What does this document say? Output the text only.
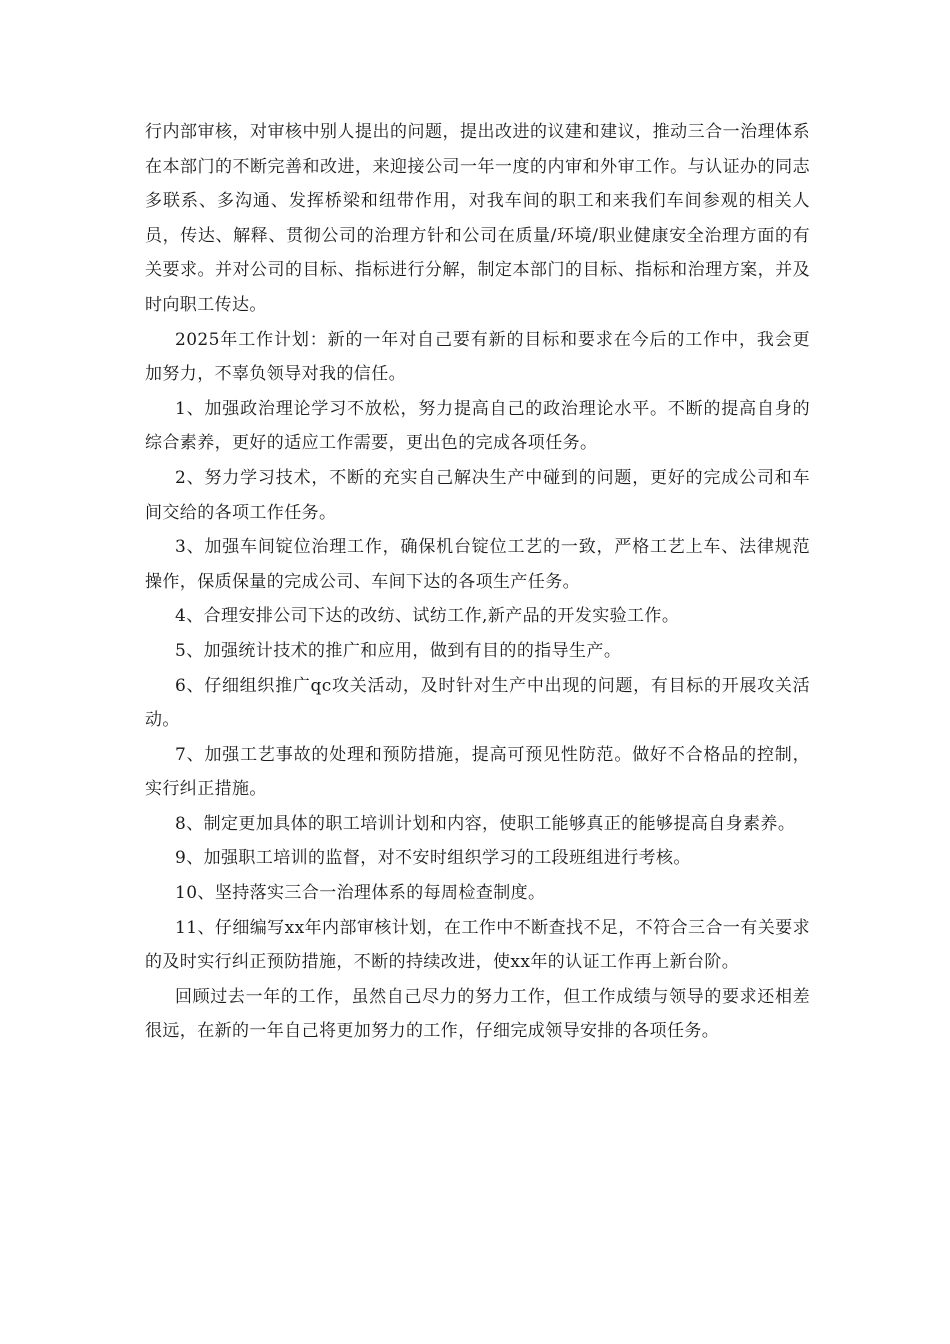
行内部审核，对审核中别人提出的问题，提出改进的议建和建议，推动三合一治理体系在本部门的不断完善和改进，来迎接公司一年一度的内审和外审工作。与认证办的同志多联系、多沟通、发挥桥梁和纽带作用，对我车间的职工和来我们车间参观的相关人员，传达、解释、贯彻公司的治理方针和公司在质量/环境/职业健康安全治理方面的有关要求。并对公司的目标、指标进行分解，制定本部门的目标、指标和治理方案，并及时向职工传达。

2025年工作计划：新的一年对自己要有新的目标和要求在今后的工作中，我会更加努力，不辜负领导对我的信任。

1、加强政治理论学习不放松，努力提高自己的政治理论水平。不断的提高自身的综合素养，更好的适应工作需要，更出色的完成各项任务。

2、努力学习技术，不断的充实自己解决生产中碰到的问题，更好的完成公司和车间交给的各项工作任务。

3、加强车间锭位治理工作，确保机台锭位工艺的一致，严格工艺上车、法律规范操作，保质保量的完成公司、车间下达的各项生产任务。

4、合理安排公司下达的改纺、试纺工作,新产品的开发实验工作。

5、加强统计技术的推广和应用，做到有目的的指导生产。

6、仔细组织推广qc攻关活动，及时针对生产中出现的问题，有目标的开展攻关活动。

7、加强工艺事故的处理和预防措施，提高可预见性防范。做好不合格品的控制，实行纠正措施。

8、制定更加具体的职工培训计划和内容，使职工能够真正的能够提高自身素养。

9、加强职工培训的监督，对不安时组织学习的工段班组进行考核。

10、坚持落实三合一治理体系的每周检查制度。

11、仔细编写xx年内部审核计划，在工作中不断查找不足，不符合三合一有关要求的及时实行纠正预防措施，不断的持续改进，使xx年的认证工作再上新台阶。

回顾过去一年的工作，虽然自己尽力的努力工作，但工作成绩与领导的要求还相差很远，在新的一年自己将更加努力的工作，仔细完成领导安排的各项任务。
